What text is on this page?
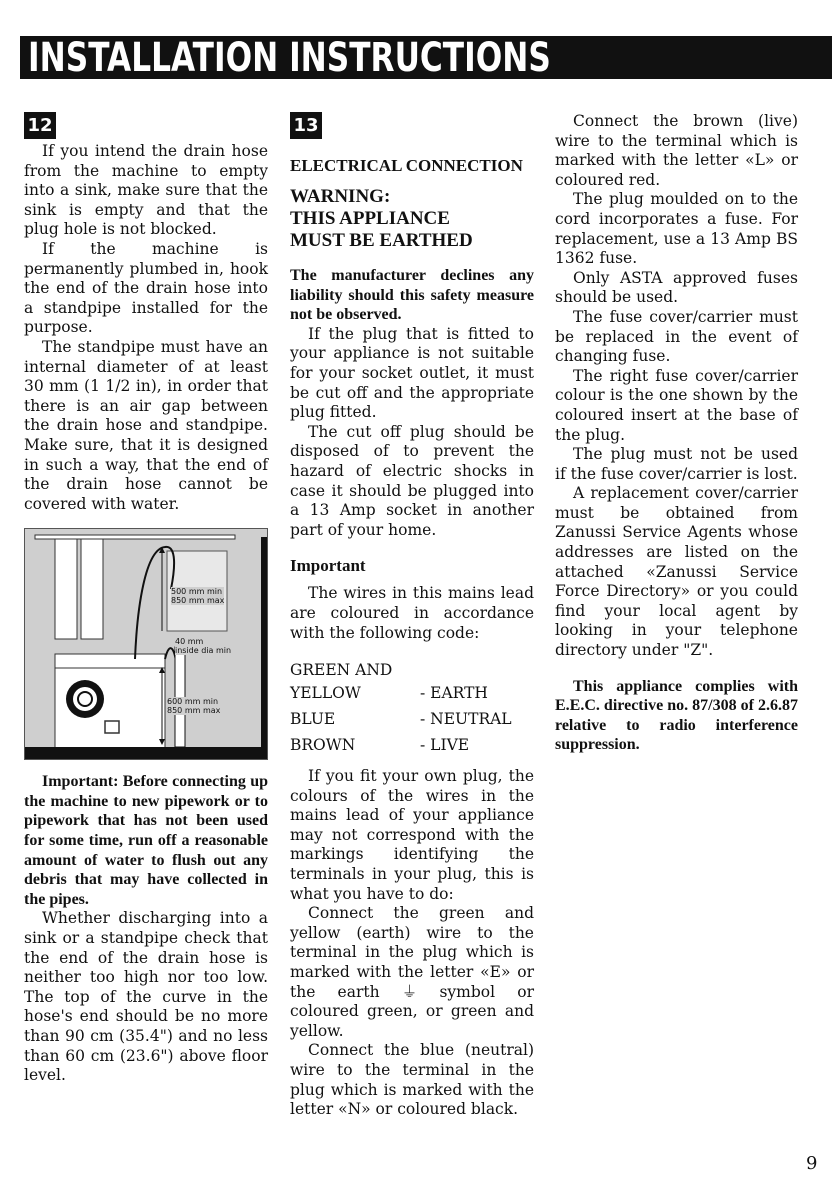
INSTALLATION INSTRUCTIONS
12

If you intend the drain hose from the machine to empty into a sink, make sure that the sink is empty and that the plug hole is not blocked.

If the machine is permanently plumbed in, hook the end of the drain hose into a standpipe installed for the purpose.

The standpipe must have an internal diameter of at least 30 mm (1 1/2 in), in order that there is an air gap between the drain hose and standpipe. Make sure, that it is designed in such a way, that the end of the drain hose cannot be covered with water.

500 mm min
850 mm max
40 mm
inside dia min
600 mm min
850 mm max

Important: Before connecting up the machine to new pipework or to pipework that has not been used for some time, run off a reasonable amount of water to flush out any debris that may have collected in the pipes.

Whether discharging into a sink or a standpipe check that the end of the drain hose is neither too high nor too low. The top of the curve in the hose's end should be no more than 90 cm (35.4") and no less than 60 cm (23.6") above floor level.

13
ELECTRICAL CONNECTION
WARNING:
THIS APPLIANCE
MUST BE EARTHED

The manufacturer declines any liability should this safety measure not be observed.

If the plug that is fitted to your appliance is not suitable for your socket outlet, it must be cut off and the appropriate plug fitted.

The cut off plug should be disposed of to prevent the hazard of electric shocks in case it should be plugged into a 13 Amp socket in another part of your home.

Important

The wires in this mains lead are coloured in accordance with the following code:

GREEN AND
YELLOW	- EARTH
BLUE	- NEUTRAL
BROWN	- LIVE

If you fit your own plug, the colours of the wires in the mains lead of your appliance may not correspond with the markings identifying the terminals in your plug, this is what you have to do:

Connect the green and yellow (earth) wire to the terminal in the plug which is marked with the letter «E» or the earth ⏚ symbol or coloured green, or green and yellow.

Connect the blue (neutral) wire to the terminal in the plug which is marked with the letter «N» or coloured black.

Connect the brown (live) wire to the terminal which is marked with the letter «L» or coloured red.

The plug moulded on to the cord incorporates a fuse. For replacement, use a 13 Amp BS 1362 fuse.

Only ASTA approved fuses should be used.

The fuse cover/carrier must be replaced in the event of changing fuse.

The right fuse cover/carrier colour is the one shown by the coloured insert at the base of the plug.

The plug must not be used if the fuse cover/carrier is lost.

A replacement cover/carrier must be obtained from Zanussi Service Agents whose addresses are listed on the attached «Zanussi Service Force Directory» or you could find your local agent by looking in your telephone directory under "Z".

This appliance complies with E.E.C. directive no. 87/308 of 2.6.87 relative to radio interference suppression.

9
